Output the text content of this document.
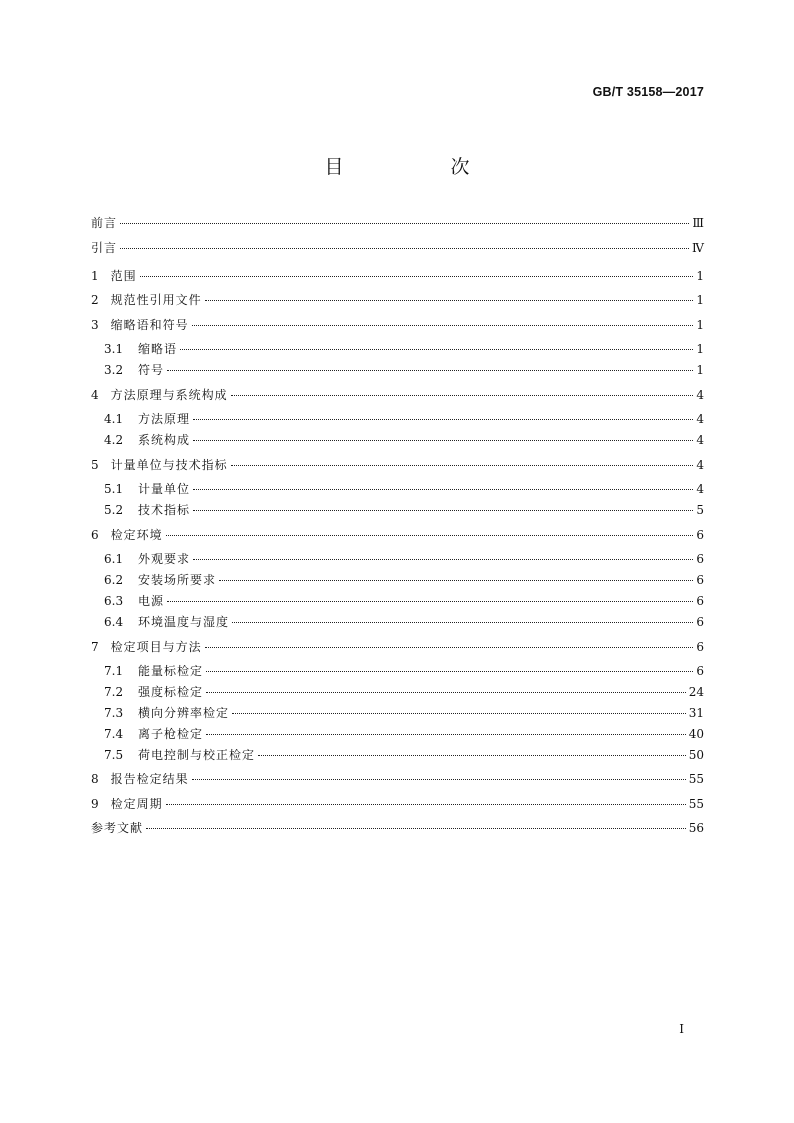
GB/T 35158—2017
目　次
前言	Ⅲ
引言	Ⅳ
1 范围	1
2 规范性引用文件	1
3 缩略语和符号	1
3.1 缩略语	1
3.2 符号	1
4 方法原理与系统构成	4
4.1 方法原理	4
4.2 系统构成	4
5 计量单位与技术指标	4
5.1 计量单位	4
5.2 技术指标	5
6 检定环境	6
6.1 外观要求	6
6.2 安装场所要求	6
6.3 电源	6
6.4 环境温度与湿度	6
7 检定项目与方法	6
7.1 能量标检定	6
7.2 强度标检定	24
7.3 横向分辨率检定	31
7.4 离子枪检定	40
7.5 荷电控制与校正检定	50
8 报告检定结果	55
9 检定周期	55
参考文献	56
Ⅰ
